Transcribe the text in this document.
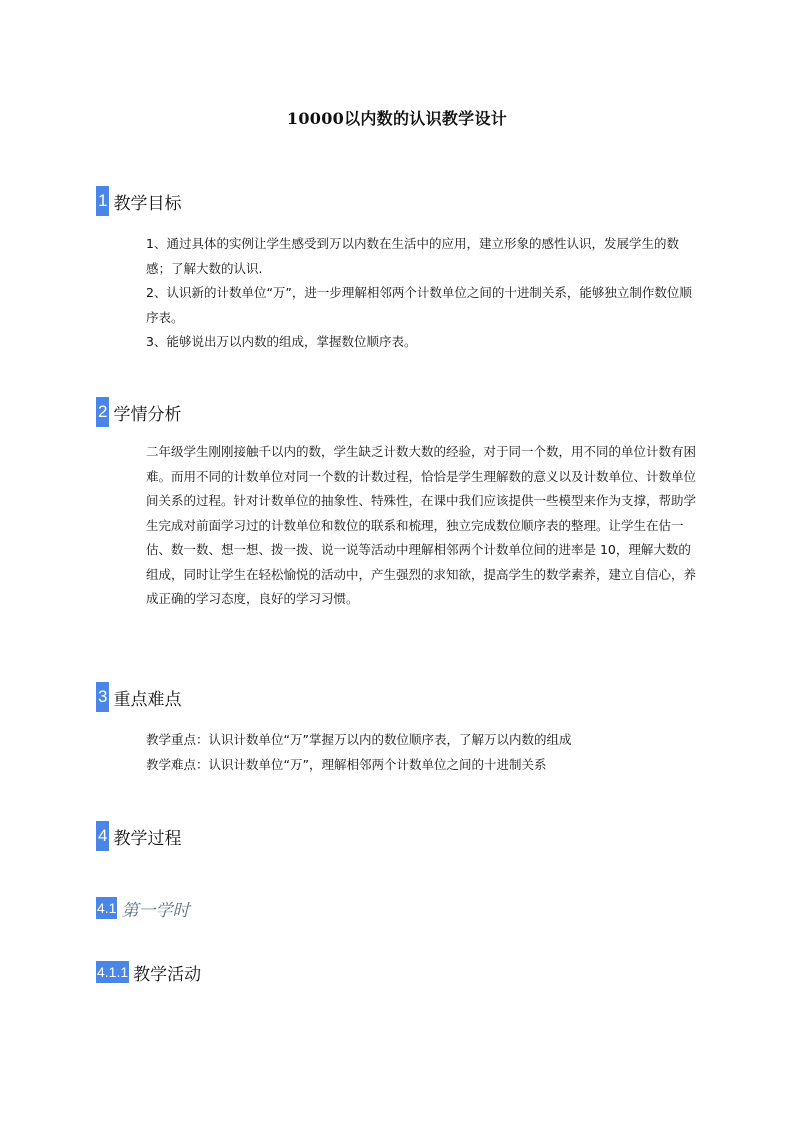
10000以内数的认识教学设计
1 教学目标

1、通过具体的实例让学生感受到万以内数在生活中的应用，建立形象的感性认识，发展学生的数感；了解大数的认识.

2、认识新的计数单位“万”，进一步理解相邻两个计数单位之间的十进制关系，能够独立制作数位顺序表。

3、能够说出万以内数的组成，掌握数位顺序表。

2 学情分析

二年级学生刚刚接触千以内的数，学生缺乏计数大数的经验，对于同一个数，用不同的单位计数有困难。而用不同的计数单位对同一个数的计数过程，恰恰是学生理解数的意义以及计数单位、计数单位间关系的过程。针对计数单位的抽象性、特殊性，在课中我们应该提供一些模型来作为支撑，帮助学生完成对前面学习过的计数单位和数位的联系和梳理，独立完成数位顺序表的整理。让学生在估一估、数一数、想一想、拨一拨、说一说等活动中理解相邻两个计数单位间的进率是 10，理解大数的组成，同时让学生在轻松愉悦的活动中，产生强烈的求知欲，提高学生的数学素养，建立自信心，养成正确的学习态度，良好的学习习惯。

3 重点难点

教学重点：认识计数单位“万”掌握万以内的数位顺序表，了解万以内数的组成

教学难点：认识计数单位“万”，理解相邻两个计数单位之间的十进制关系

4 教学过程
4.1 第一学时
4.1.1 教学活动
